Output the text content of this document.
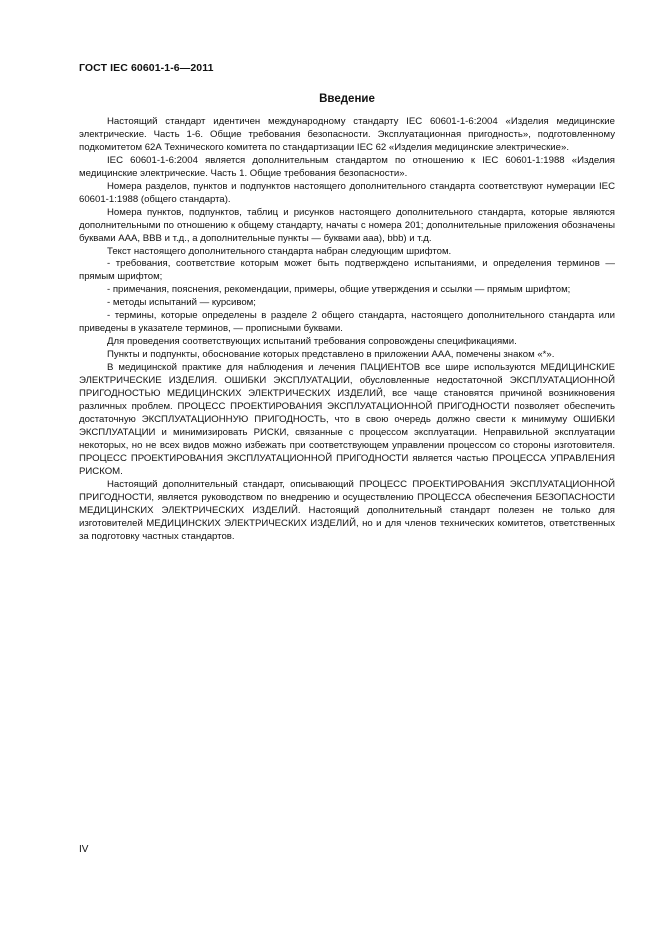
ГОСТ IEC 60601-1-6—2011
Введение

Настоящий стандарт идентичен международному стандарту IEC 60601-1-6:2004 «Изделия медицинские электрические. Часть 1-6. Общие требования безопасности. Эксплуатационная пригодность», подготовленному подкомитетом 62А Технического комитета по стандартизации IEC 62 «Изделия медицинские электрические».

IEC 60601-1-6:2004 является дополнительным стандартом по отношению к IEC 60601-1:1988 «Изделия медицинские электрические. Часть 1. Общие требования безопасности».

Номера разделов, пунктов и подпунктов настоящего дополнительного стандарта соответствуют нумерации IEC 60601-1:1988 (общего стандарта).

Номера пунктов, подпунктов, таблиц и рисунков настоящего дополнительного стандарта, которые являются дополнительными по отношению к общему стандарту, начаты с номера 201; дополнительные приложения обозначены буквами ААА, ВВВ и т.д., а дополнительные пункты — буквами ааа), bbb) и т.д.

Текст настоящего дополнительного стандарта набран следующим шрифтом.

- требования, соответствие которым может быть подтверждено испытаниями, и определения терминов — прямым шрифтом;

- примечания, пояснения, рекомендации, примеры, общие утверждения и ссылки — прямым шрифтом;

- методы испытаний — курсивом;

- термины, которые определены в разделе 2 общего стандарта, настоящего дополнительного стандарта или приведены в указателе терминов, — прописными буквами.

Для проведения соответствующих испытаний требования сопровождены спецификациями.

Пункты и подпункты, обоснование которых представлено в приложении ААА, помечены знаком «*».

В медицинской практике для наблюдения и лечения ПАЦИЕНТОВ все шире используются МЕДИЦИНСКИЕ ЭЛЕКТРИЧЕСКИЕ ИЗДЕЛИЯ. ОШИБКИ ЭКСПЛУАТАЦИИ, обусловленные недостаточной ЭКСПЛУАТАЦИОННОЙ ПРИГОДНОСТЬЮ МЕДИЦИНСКИХ ЭЛЕКТРИЧЕСКИХ ИЗДЕЛИЙ, все чаще становятся причиной возникновения различных проблем. ПРОЦЕСС ПРОЕКТИРОВАНИЯ ЭКСПЛУАТАЦИОННОЙ ПРИГОДНОСТИ позволяет обеспечить достаточную ЭКСПЛУАТАЦИОННУЮ ПРИГОДНОСТЬ, что в свою очередь должно свести к минимуму ОШИБКИ ЭКСПЛУАТАЦИИ и минимизировать РИСКИ, связанные с процессом эксплуатации. Неправильной эксплуатации некоторых, но не всех видов можно избежать при соответствующем управлении процессом со стороны изготовителя. ПРОЦЕСС ПРОЕКТИРОВАНИЯ ЭКСПЛУАТАЦИОННОЙ ПРИГОДНОСТИ является частью ПРОЦЕССА УПРАВЛЕНИЯ РИСКОМ.

Настоящий дополнительный стандарт, описывающий ПРОЦЕСС ПРОЕКТИРОВАНИЯ ЭКСПЛУАТАЦИОННОЙ ПРИГОДНОСТИ, является руководством по внедрению и осуществлению ПРОЦЕССА обеспечения БЕЗОПАСНОСТИ МЕДИЦИНСКИХ ЭЛЕКТРИЧЕСКИХ ИЗДЕЛИЙ. Настоящий дополнительный стандарт полезен не только для изготовителей МЕДИЦИНСКИХ ЭЛЕКТРИЧЕСКИХ ИЗДЕЛИЙ, но и для членов технических комитетов, ответственных за подготовку частных стандартов.

IV
